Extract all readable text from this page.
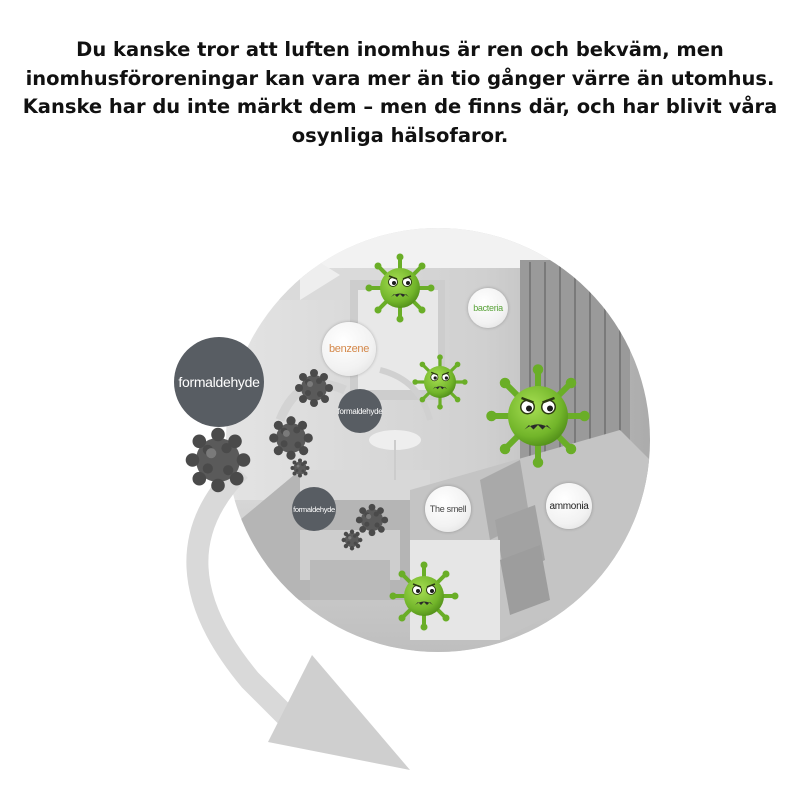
Du kanske tror att luften inomhus är ren och bekväm, men inomhusföroreningar kan vara mer än tio gånger värre än utomhus.

Kanske har du inte märkt dem – men de finns där, och har blivit våra osynliga hälsofaror.

formaldehyde
formaldehyde
formaldehyde
benzene
bacteria
The smell	ammonia
